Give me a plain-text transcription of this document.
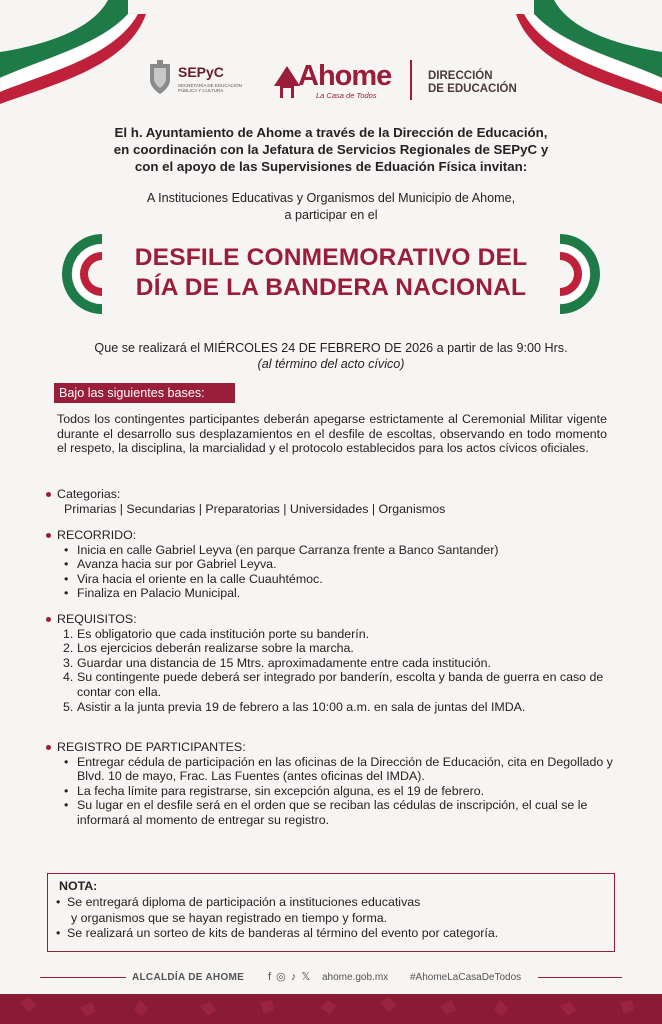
SEPyC
SECRETARÍA DE EDUCACIÓN PÚBLICA Y CULTURA	Ahome
La Casa de Todos
DIRECCIÓN
DE EDUCACIÓN
El h. Ayuntamiento de Ahome a través de la Dirección de Educación,
en coordinación con la Jefatura de Servicios Regionales de SEPyC y
con el apoyo de las Supervisiones de Eduación Física invitan:
A Instituciones Educativas y Organismos del Municipio de Ahome,
a participar en el
DESFILE CONMEMORATIVO DEL
DÍA DE LA BANDERA NACIONAL
Que se realizará el MIÉRCOLES 24 DE FEBRERO DE 2026 a partir de las 9:00 Hrs.
(al término del acto cívico)
Bajo las siguientes bases:
Todos los contingentes participantes deberán apegarse estrictamente al Ceremonial Militar vigente durante el desarrollo sus desplazamientos en el desfile de escoltas, observando en todo momento el respeto, la disciplina, la marcialidad y el protocolo establecidos para los actos cívicos oficiales.
Categorias:
Primarias | Secundarias | Preparatorias | Universidades | Organismos
RECORRIDO:
• Inicia en calle Gabriel Leyva (en parque Carranza frente a Banco Santander)
• Avanza hacia sur por Gabriel Leyva.
• Vira hacia el oriente en la calle Cuauhtémoc.
• Finaliza en Palacio Municipal.
REQUISITOS:
1. Es obligatorio que cada institución porte su banderín.
2. Los ejercicios deberán realizarse sobre la marcha.
3. Guardar una distancia de 15 Mtrs. aproximadamente entre cada institución.
4. Su contingente puede deberá ser integrado por banderín, escolta y banda de guerra en caso de contar con ella.
5. Asistir a la junta previa 19 de febrero a las 10:00 a.m. en sala de juntas del IMDA.
REGISTRO DE PARTICIPANTES:
• Entregar cédula de participación en las oficinas de la Dirección de Educación, cita en Degollado y Blvd. 10 de mayo, Frac. Las Fuentes (antes oficinas del IMDA).
• La fecha límite para registrarse, sin excepción alguna, es el 19 de febrero.
• Su lugar en el desfile será en el orden que se reciban las cédulas de inscripción, el cual se le informará al momento de entregar su registro.
NOTA:
• Se entregará diploma de participación a instituciones educativas
y organismos que se hayan registrado en tiempo y forma.
• Se realizará un sorteo de kits de banderas al término del evento por categoría.
ALCALDÍA DE AHOME f ◎ ♪ 𝕏 ahome.gob.mx #AhomeLaCasaDeTodos
